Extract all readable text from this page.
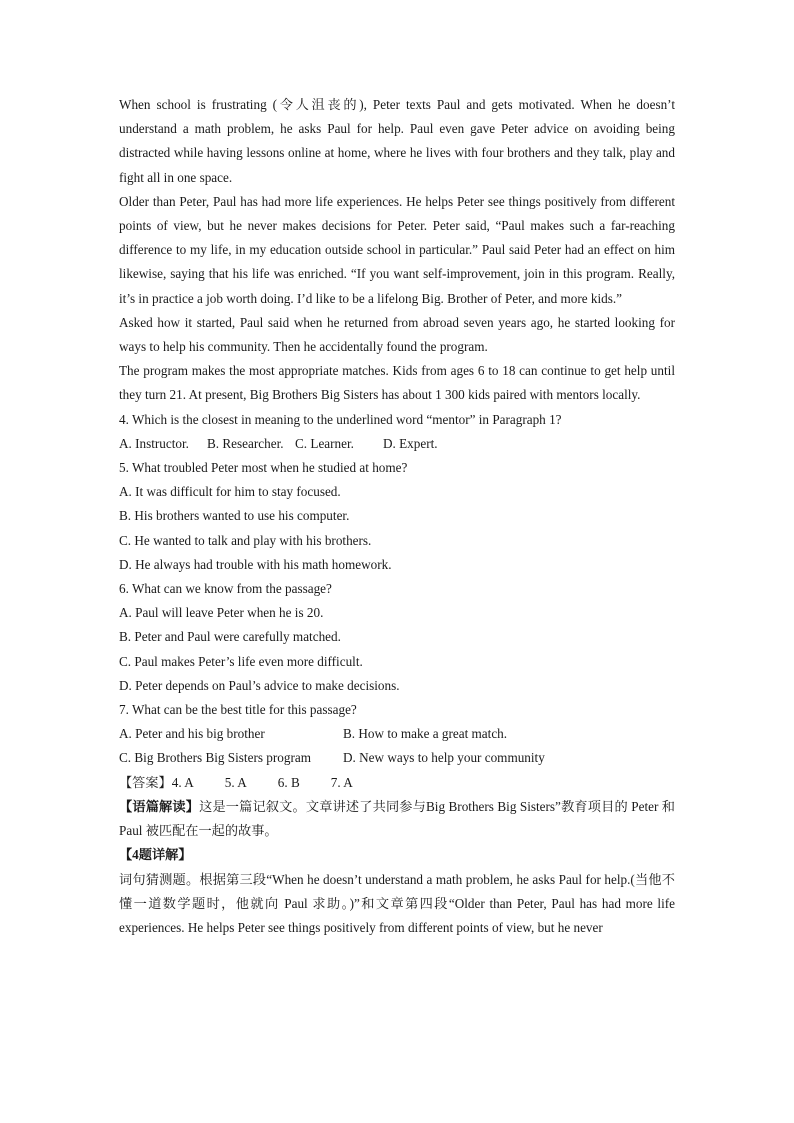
When school is frustrating (令人沮丧的), Peter texts Paul and gets motivated. When he doesn’t understand a math problem, he asks Paul for help. Paul even gave Peter advice on avoiding being distracted while having lessons online at home, where he lives with four brothers and they talk, play and fight all in one space.

Older than Peter, Paul has had more life experiences. He helps Peter see things positively from different points of view, but he never makes decisions for Peter. Peter said, “Paul makes such a far-reaching difference to my life, in my education outside school in particular.” Paul said Peter had an effect on him likewise, saying that his life was enriched. “If you want self-improvement, join in this program. Really, it’s in practice a job worth doing. I’d like to be a lifelong Big. Brother of Peter, and more kids.”

Asked how it started, Paul said when he returned from abroad seven years ago, he started looking for ways to help his community. Then he accidentally found the program.

The program makes the most appropriate matches. Kids from ages 6 to 18 can continue to get help until they turn 21. At present, Big Brothers Big Sisters has about 1 300 kids paired with mentors locally.

4. Which is the closest in meaning to the underlined word “mentor” in Paragraph 1?

A. Instructor.	B. Researcher. C. Learner.	D. Expert.

5. What troubled Peter most when he studied at home?

A. It was difficult for him to stay focused.

B. His brothers wanted to use his computer.

C. He wanted to talk and play with his brothers.

D. He always had trouble with his math homework.

6. What can we know from the passage?

A. Paul will leave Peter when he is 20.

B. Peter and Paul were carefully matched.

C. Paul makes Peter’s life even more difficult.

D. Peter depends on Paul’s advice to make decisions.

7. What can be the best title for this passage?

A. Peter and his big brother	B. How to make a great match.
C. Big Brothers Big Sisters program	D. New ways to help your community
【答案】 4. A	5. A	6. B	7. A

【语篇解读】这是一篇记叙文。文章讲述了共同参与Big Brothers Big Sisters”教育项目的 Peter 和 Paul 被匹配在一起的故事。

【4题详解】

词句猜测题。根据第三段“When he doesn’t understand a math problem, he asks Paul for help.(当他不懂一道数学题时，他就向 Paul 求助。)”和文章第四段“Older than Peter, Paul has had more life experiences. He helps Peter see things positively from different points of view, but he never
